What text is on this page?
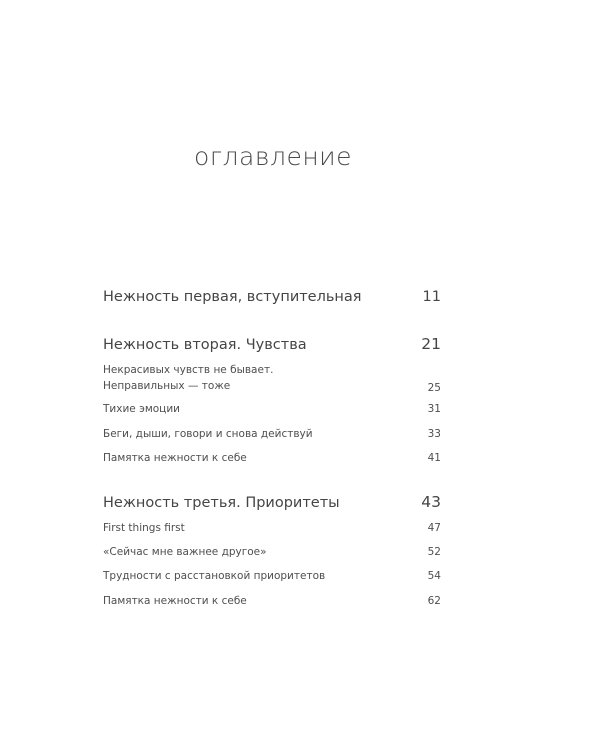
оглавление
Нежность первая, вступительная	11
Нежность вторая. Чувства	21
Некрасивых чувств не бывает.
Неправильных — тоже	25
Тихие эмоции	31
Беги, дыши, говори и снова действуй	33
Памятка нежности к себе	41
Нежность третья. Приоритеты	43
First things first	47
«Сейчас мне важнее другое»	52
Трудности с расстановкой приоритетов	54
Памятка нежности к себе	62
